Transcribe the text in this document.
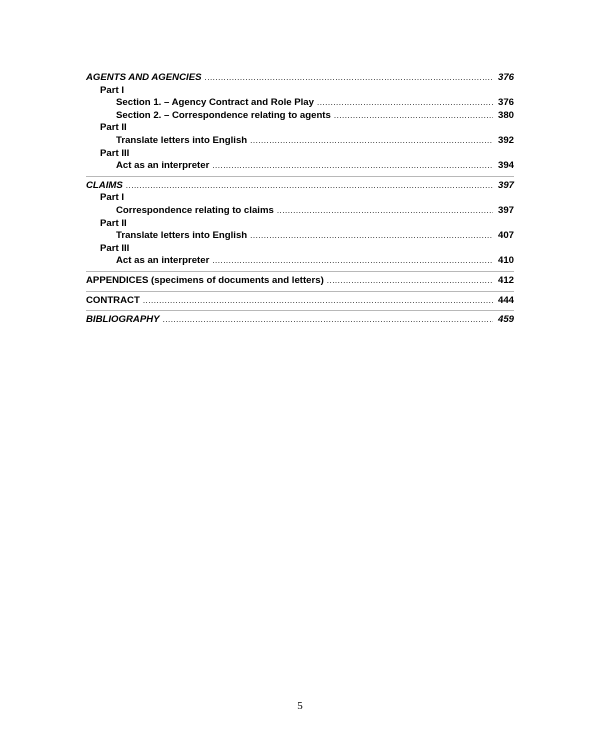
AGENTS AND AGENCIES .....	376
Part I
Section 1. – Agency Contract and Role Play .....	376
Section 2. – Correspondence relating to agents .....	380
Part II
Translate letters into English .....	392
Part III
Act as an interpreter .....	394
CLAIMS .....	397
Part I
Correspondence relating to claims .....	397
Part II
Translate letters into English .....	407
Part III
Act as an interpreter .....	410
APPENDICES (specimens of documents and letters) .....	412
CONTRACT .....	444
BIBLIOGRAPHY .....	459
5
